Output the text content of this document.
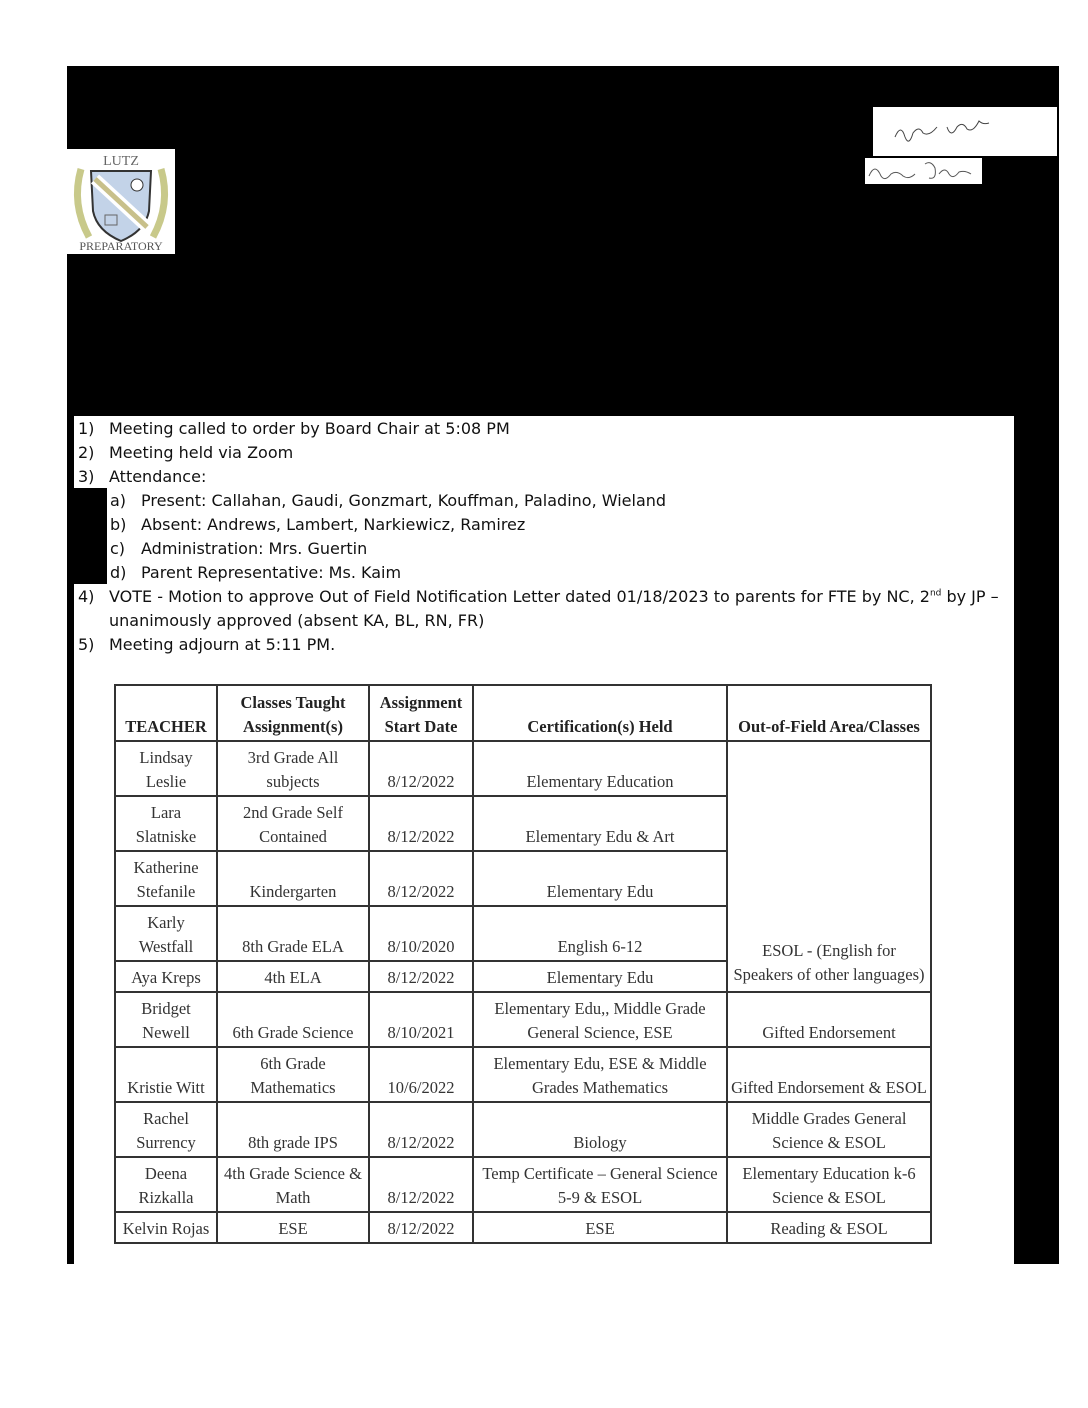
LUTZ
PREPARATORY
1) Meeting called to order by Board Chair at 5:08 PM
2) Meeting held via Zoom
3) Attendance:
a) Present: Callahan, Gaudi, Gonzmart, Kouffman, Paladino, Wieland
b) Absent: Andrews, Lambert, Narkiewicz, Ramirez
c) Administration: Mrs. Guertin
d) Parent Representative: Ms. Kaim
4) VOTE - Motion to approve Out of Field Notification Letter dated 01/18/2023 to parents for FTE by NC, 2nd by JP –
unanimously approved (absent KA, BL, RN, FR)
5) Meeting adjourn at 5:11 PM.
TEACHER	Classes Taught Assignment(s)	Assignment Start Date	Certification(s) Held	Out-of-Field Area/Classes
Lindsay Leslie	3rd Grade All subjects	8/12/2022	Elementary Education	ESOL - (English for Speakers of other languages)
Lara Slatniske	2nd Grade Self Contained	8/12/2022	Elementary Edu & Art	
Katherine Stefanile	Kindergarten	8/12/2022	Elementary Edu	
Karly Westfall	8th Grade ELA	8/10/2020	English 6-12	
Aya Kreps	4th ELA	8/12/2022	Elementary Edu	
Bridget Newell	6th Grade Science	8/10/2021	Elementary Edu,, Middle Grade General Science, ESE	Gifted Endorsement
Kristie Witt	6th Grade Mathematics	10/6/2022	Elementary Edu, ESE & Middle Grades Mathematics	Gifted Endorsement & ESOL
Rachel Surrency	8th grade IPS	8/12/2022	Biology	Middle Grades General Science & ESOL
Deena Rizkalla	4th Grade Science & Math	8/12/2022	Temp Certificate – General Science 5-9 & ESOL	Elementary Education k-6 Science & ESOL
Kelvin Rojas	ESE	8/12/2022	ESE	Reading & ESOL
